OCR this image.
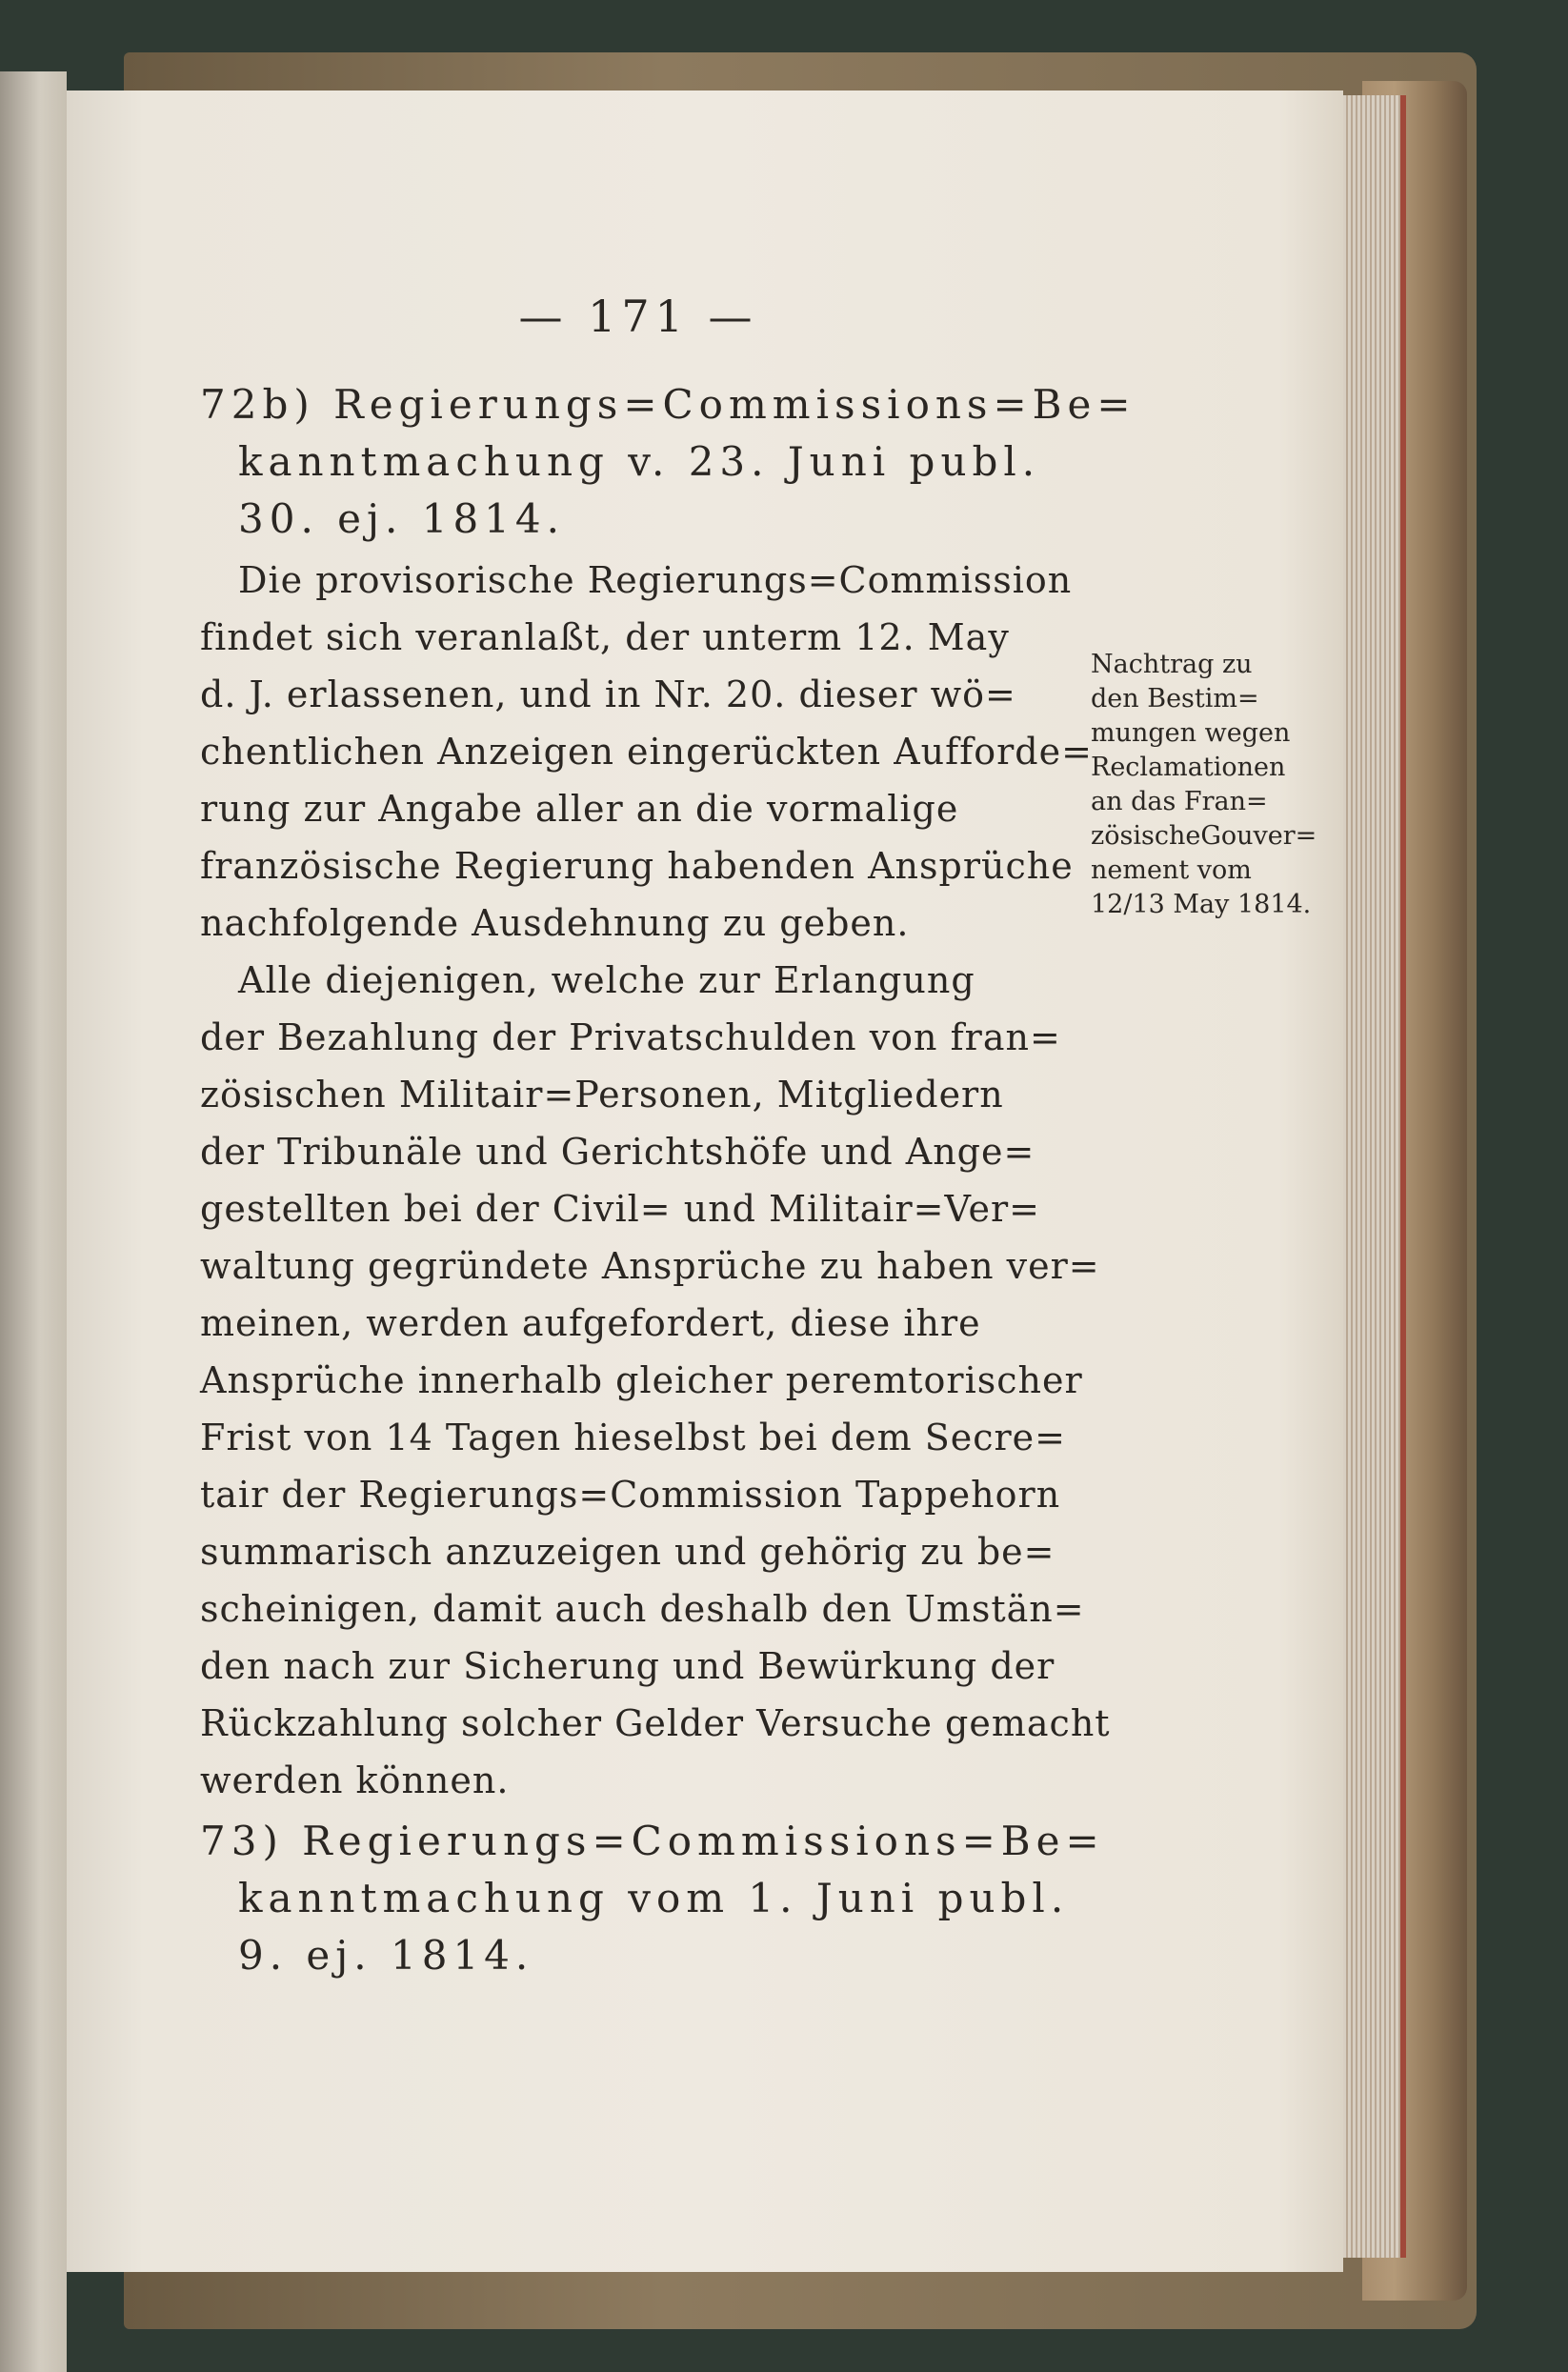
— 171 —
72b) Regierungs=Commissions=Be=
kanntmachung v. 23. Juni publ.
30. ej. 1814.
Die provisorische Regierungs=Commission
findet sich veranlaßt, der unterm 12. May
d. J. erlassenen, und in Nr. 20. dieser wö=
chentlichen Anzeigen eingerückten Aufforde=
rung zur Angabe aller an die vormalige
französische Regierung habenden Ansprüche
nachfolgende Ausdehnung zu geben.
Nachtrag zu
den Bestim=
mungen wegen
Reclamationen
an das Fran=
zösischeGouver=
nement vom
12/13 May 1814.
Alle diejenigen, welche zur Erlangung
der Bezahlung der Privatschulden von fran=
zösischen Militair=Personen, Mitgliedern
der Tribunäle und Gerichtshöfe und Ange=
gestellten bei der Civil= und Militair=Ver=
waltung gegründete Ansprüche zu haben ver=
meinen, werden aufgefordert, diese ihre
Ansprüche innerhalb gleicher peremtorischer
Frist von 14 Tagen hieselbst bei dem Secre=
tair der Regierungs=Commission Tappehorn
summarisch anzuzeigen und gehörig zu be=
scheinigen, damit auch deshalb den Umstän=
den nach zur Sicherung und Bewürkung der
Rückzahlung solcher Gelder Versuche gemacht
werden können.
73) Regierungs=Commissions=Be=
kanntmachung vom 1. Juni publ.
9. ej. 1814.
